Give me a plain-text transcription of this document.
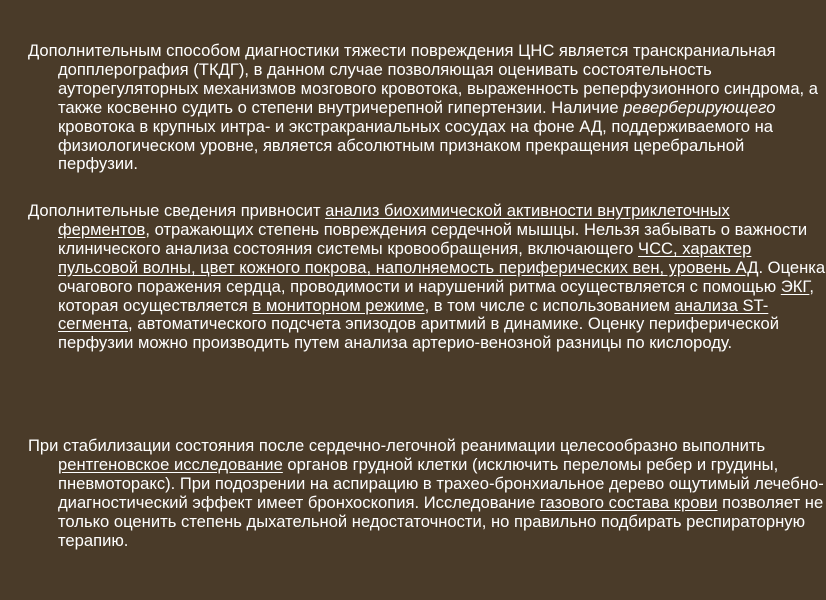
Дополнительным способом диагностики тяжести повреждения ЦНС является транскраниальная допплерография (ТКДГ), в данном случае позволяющая оценивать состоятельность ауторегуляторных механизмов мозгового кровотока, выраженность реперфузионного синдрома, а также косвенно судить о степени внутричерепной гипертензии. Наличие реверберирующего кровотока в крупных интра- и экстракраниальных сосудах на фоне АД, поддерживаемого на физиологическом уровне, является абсолютным признаком прекращения церебральной перфузии.

Дополнительные сведения привносит анализ биохимической активности внутриклеточных ферментов, отражающих степень повреждения сердечной мышцы. Нельзя забывать о важности клинического анализа состояния системы кровообращения, включающего ЧСС, характер пульсовой волны, цвет кожного покрова, наполняемость периферических вен, уровень АД. Оценка очагового поражения сердца, проводимости и нарушений ритма осуществляется с помощью ЭКГ, которая осуществляется в мониторном режиме, в том числе с использованием анализа ST-сегмента, автоматического подсчета эпизодов аритмий в динамике. Оценку периферической перфузии можно производить путем анализа артерио-венозной разницы по кислороду.

При стабилизации состояния после сердечно-легочной реанимации целесообразно выполнить рентгеновское исследование органов грудной клетки (исключить переломы ребер и грудины, пневмоторакс). При подозрении на аспирацию в трахео-бронхиальное дерево ощутимый лечебно-диагностический эффект имеет бронхоскопия. Исследование газового состава крови позволяет не только оценить степень дыхательной недостаточности, но правильно подбирать респираторную терапию.
